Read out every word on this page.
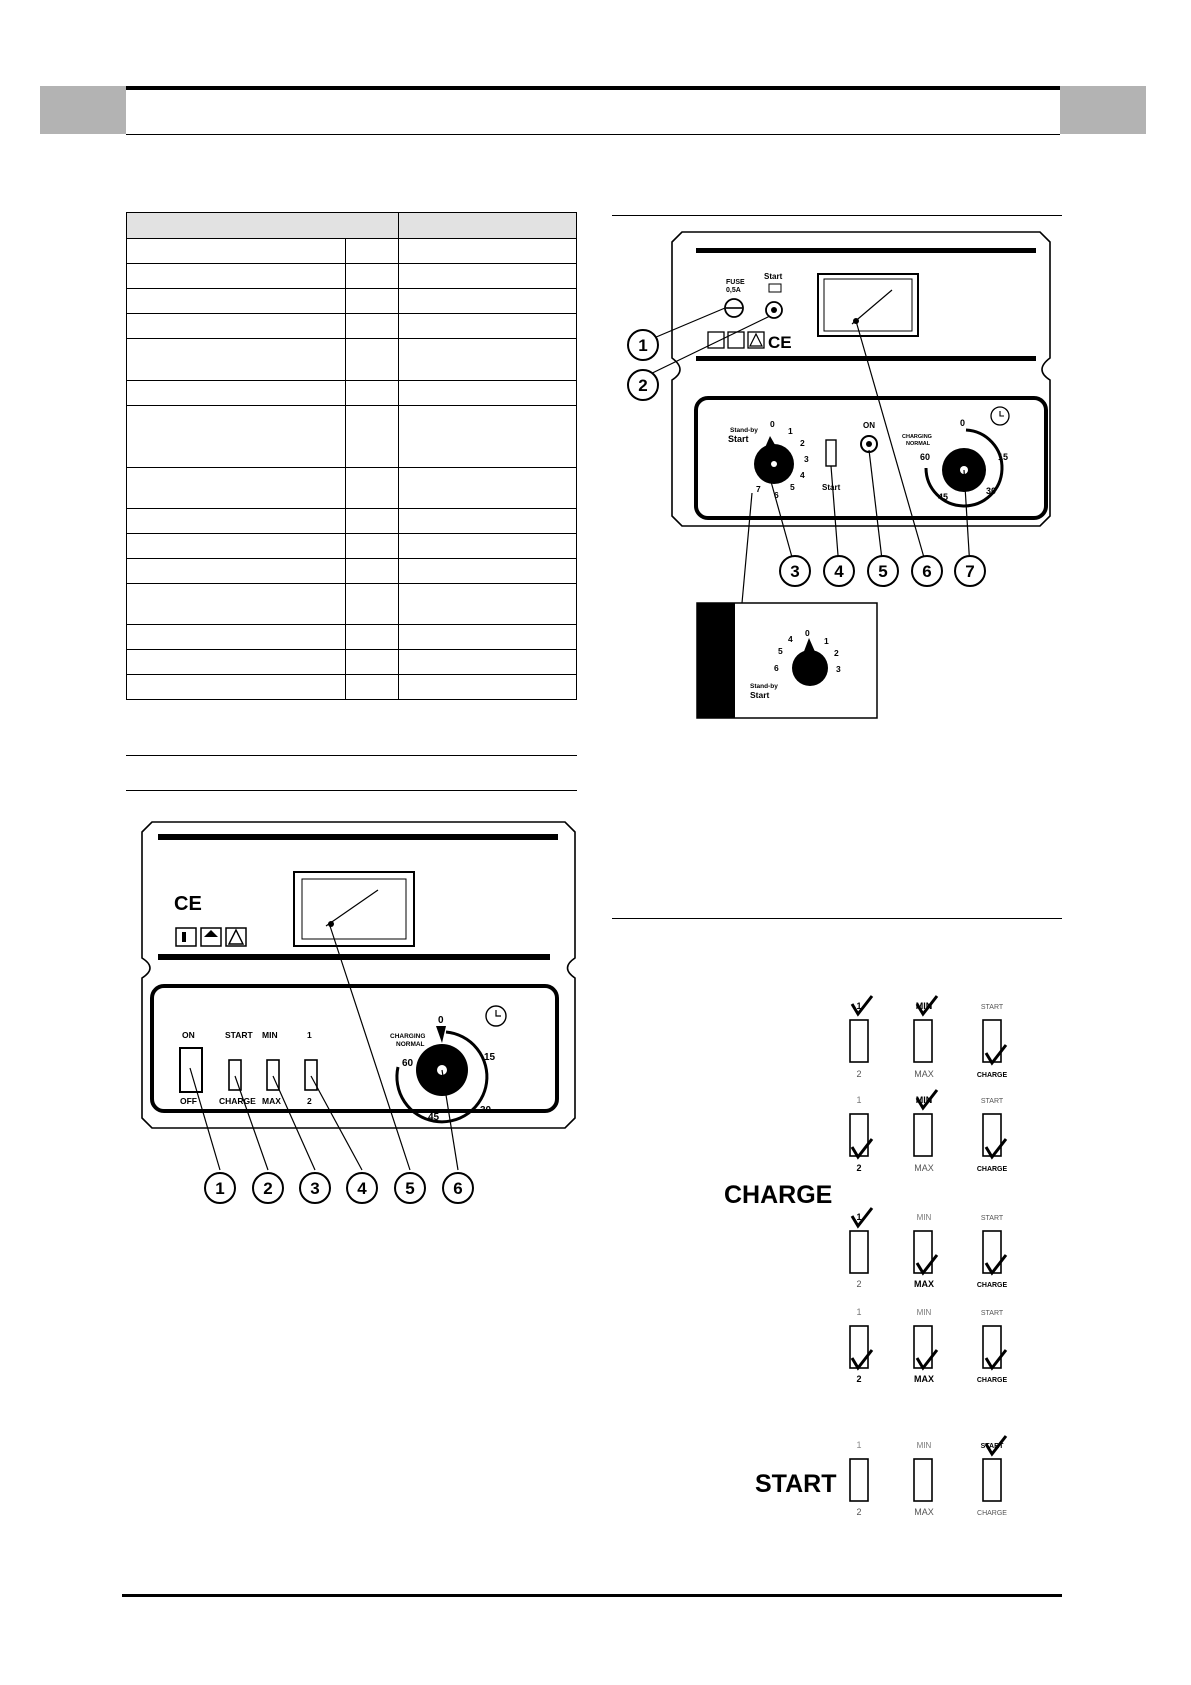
CE
ON
OFF
START
CHARGE
MIN
MAX
1
2
CHARGING
NORMAL
0
15
30
45
60
1 2 3 4 5 6
FUSE
0,5A
Start
CE
Stand-by
Start
0
1
2
3
4
5
6
7	Start
ON
CHARGING
NORMAL
0
15
30
45
60
1
2
3 4 5 6 7
0
1
2
3
4
5
6
Stand-by
Start
CHARGE
START
1	MIN	START
2	MAX	CHARGE
1	MIN	START
2	MAX	CHARGE
1	MIN	START
2	MAX	CHARGE
1	MIN	START
2	MAX	CHARGE
1	MIN	START
2	MAX	CHARGE
